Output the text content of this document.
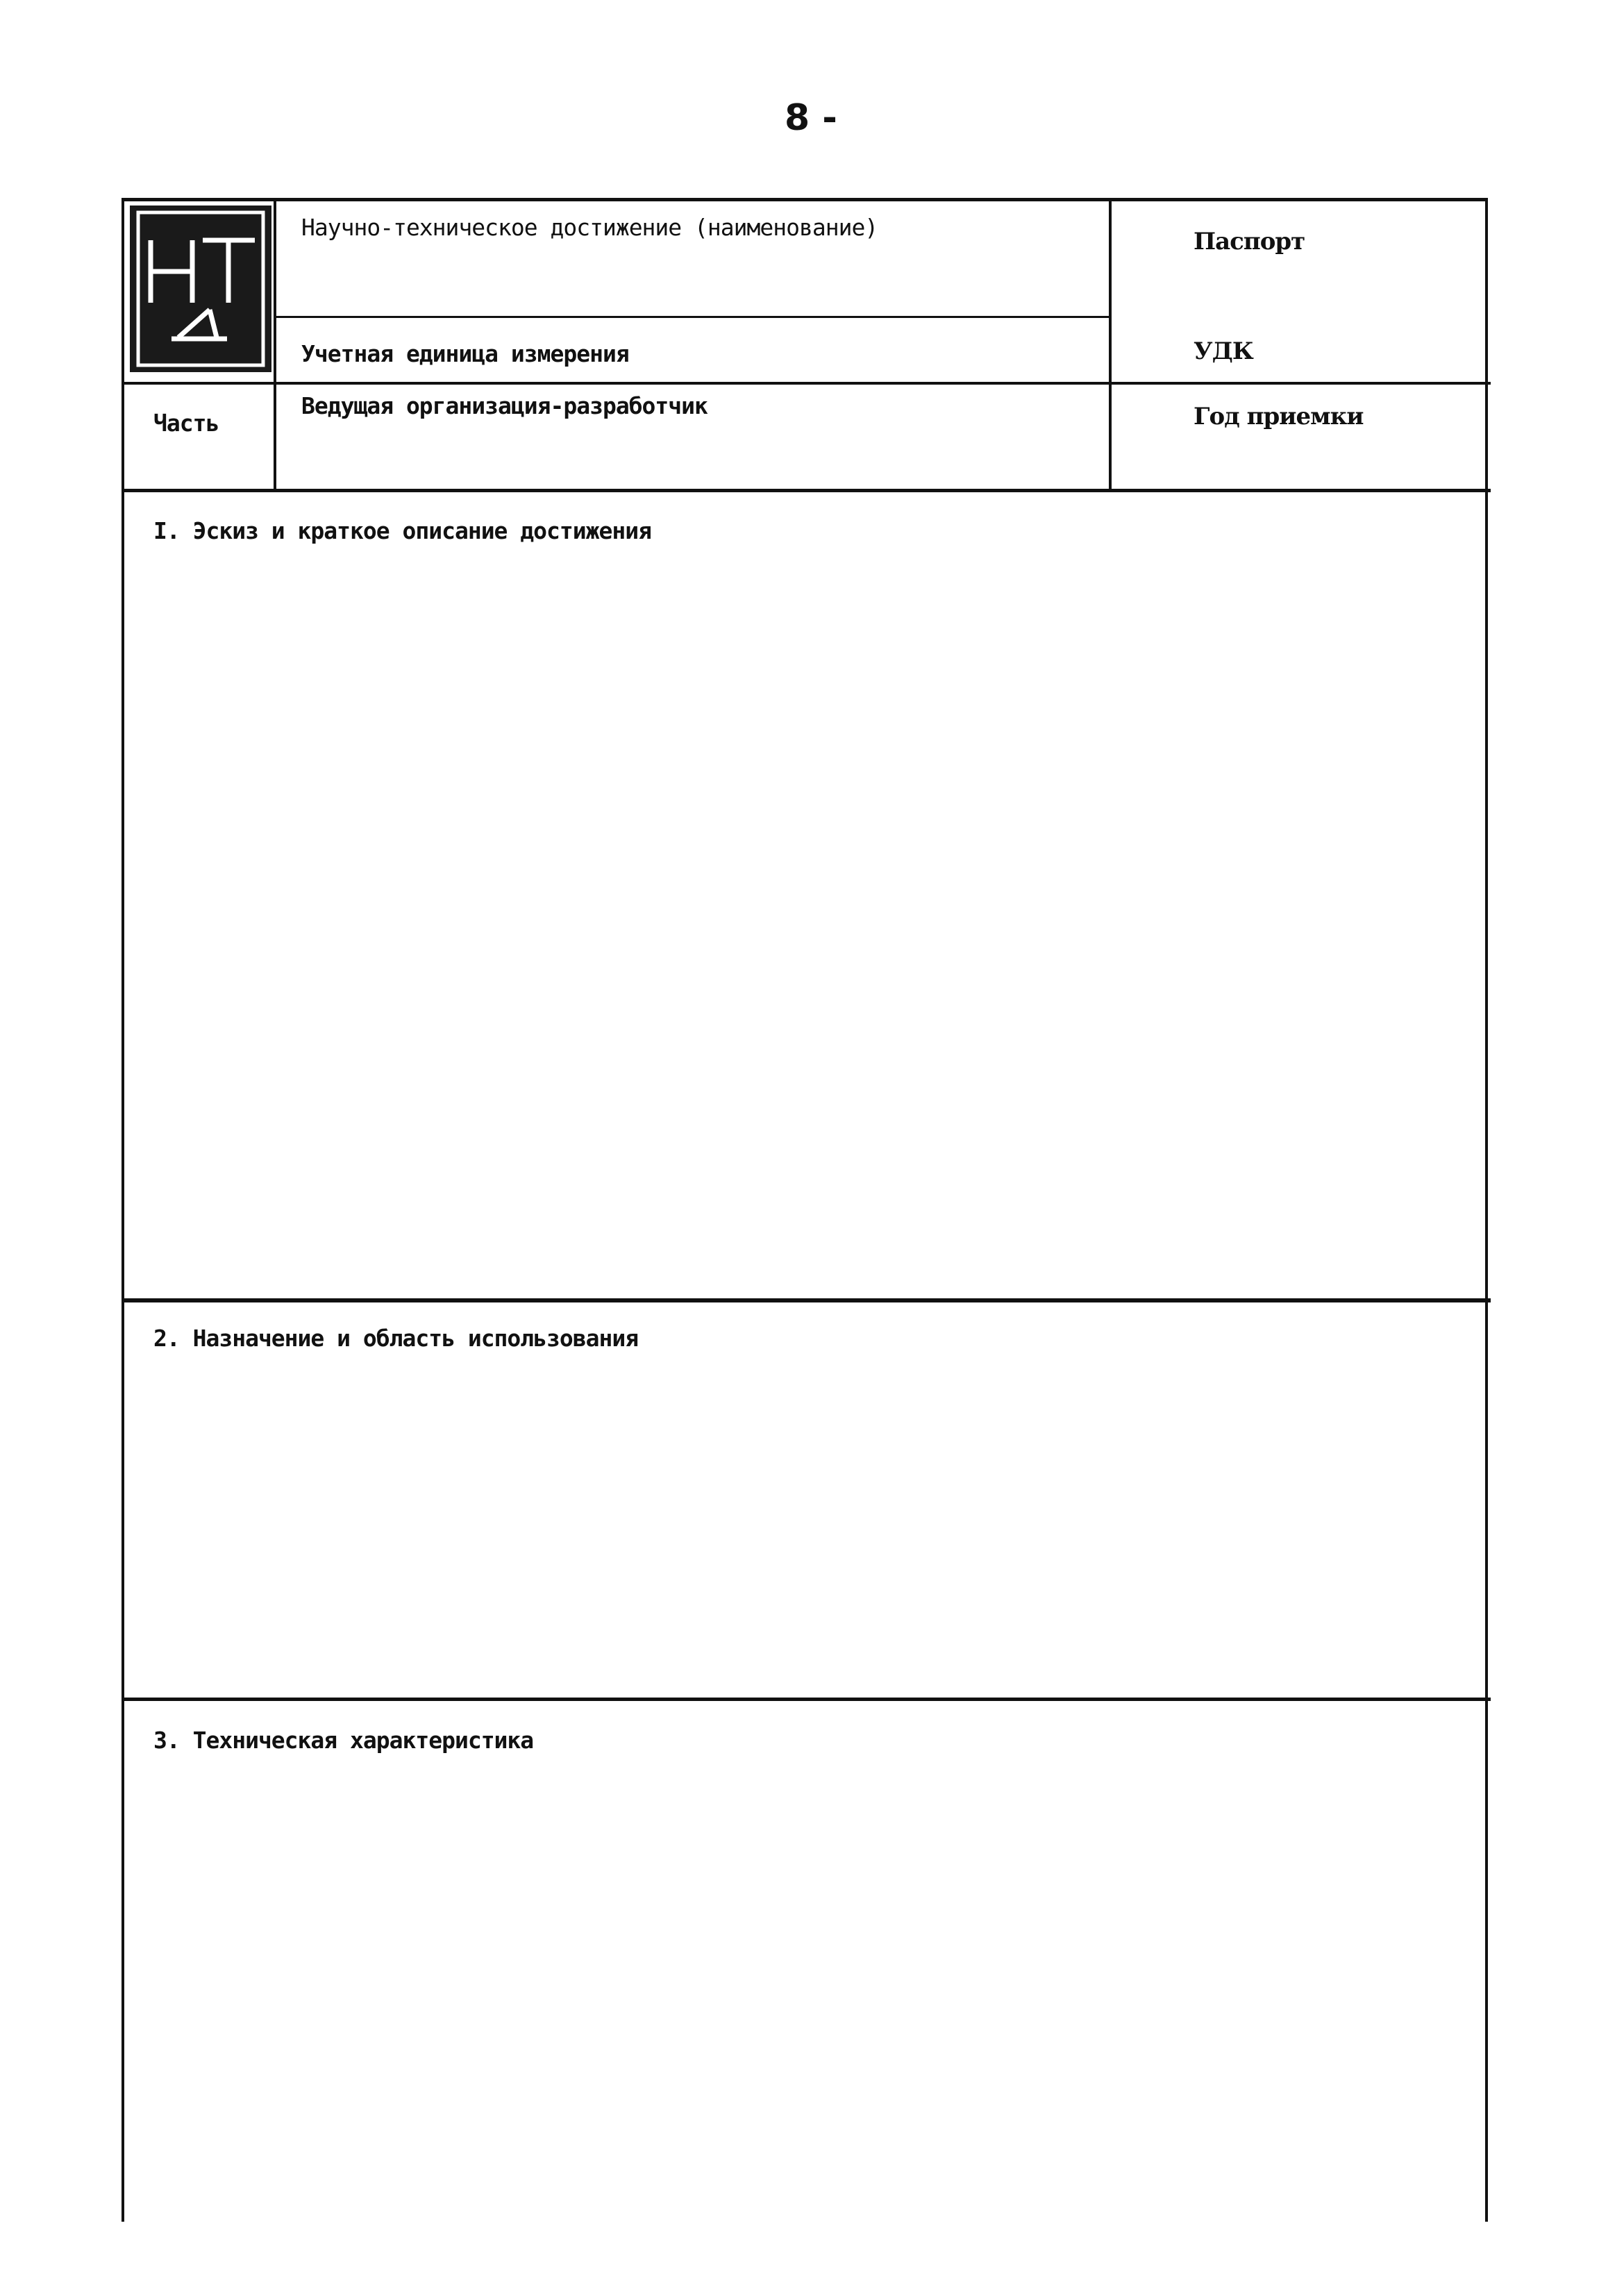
8 -
Научно-техническое достижение (наименование)
Паспорт
Учетная единица измерения	УДК
Часть
Ведущая организация-разработчик	Год приемки
I. Эскиз и краткое описание достижения
2. Назначение и область использования
3. Техническая характеристика
